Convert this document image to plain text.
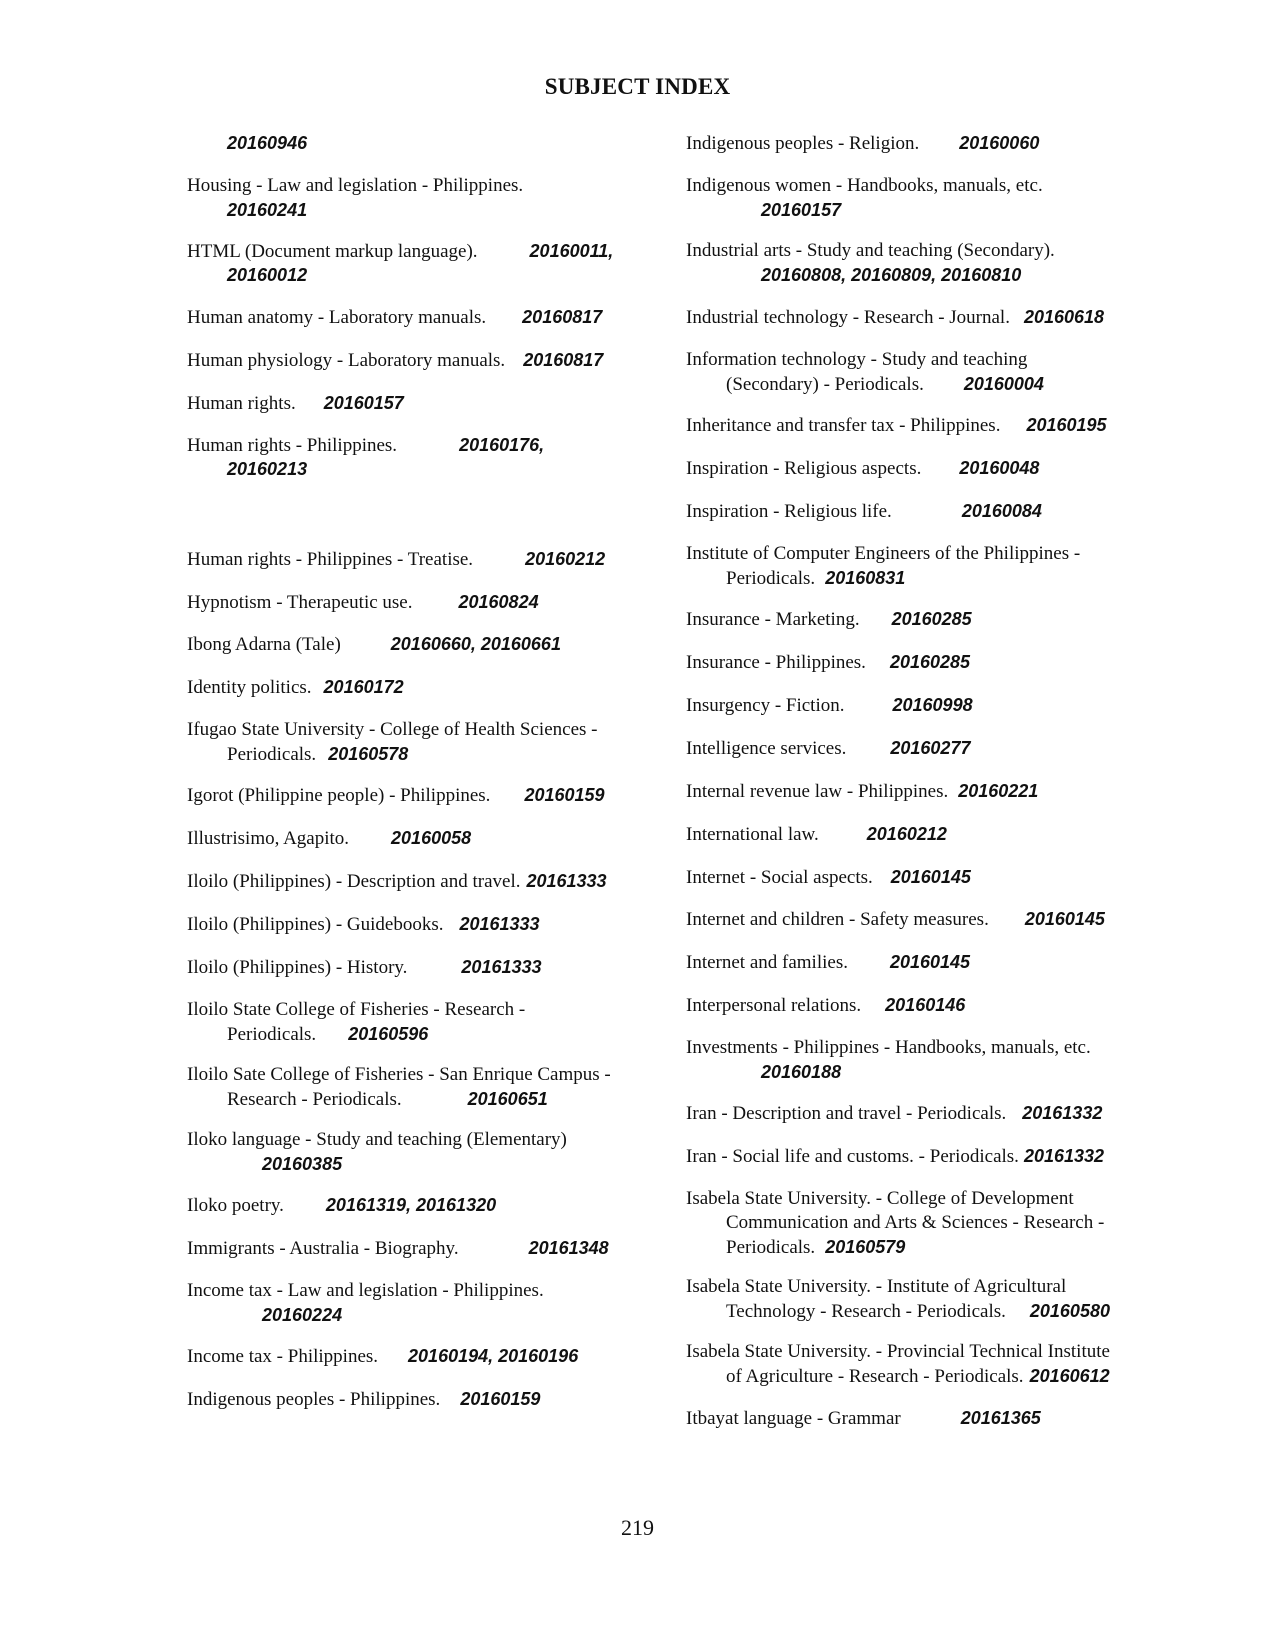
SUBJECT INDEX
20160946
Housing - Law and legislation - Philippines.
20160241
HTML (Document markup language).	20160011,
20160012
Human anatomy - Laboratory manuals. 20160817
Human physiology - Laboratory manuals. 20160817
Human rights. 20160157
Human rights - Philippines.	20160176,
20160213
Human rights - Philippines - Treatise.	20160212
Hypnotism - Therapeutic use.	20160824
Ibong Adarna (Tale)	20160660, 20160661
Identity politics. 20160172
Ifugao State University - College of Health Sciences -
Periodicals. 20160578
Igorot (Philippine people) - Philippines. 20160159
Illustrisimo, Agapito. 20160058
Iloilo (Philippines) - Description and travel. 20161333
Iloilo (Philippines) - Guidebooks. 20161333
Iloilo (Philippines) - History.	20161333
Iloilo State College of Fisheries - Research -
Periodicals. 20160596
Iloilo Sate College of Fisheries - San Enrique Campus -
Research - Periodicals.	20160651
Iloko language - Study and teaching (Elementary)
20160385
Iloko poetry. 20161319, 20161320
Immigrants - Australia - Biography.	20161348
Income tax - Law and legislation - Philippines.
20160224
Income tax - Philippines. 20160194, 20160196
Indigenous peoples - Philippines. 20160159
Indigenous peoples - Religion. 20160060
Indigenous women - Handbooks, manuals, etc.
20160157
Industrial arts - Study and teaching (Secondary).
20160808, 20160809, 20160810
Industrial technology - Research - Journal. 20160618
Information technology - Study and teaching
(Secondary) - Periodicals. 20160004
Inheritance and transfer tax - Philippines. 20160195
Inspiration - Religious aspects. 20160048
Inspiration - Religious life.	20160084
Institute of Computer Engineers of the Philippines -
Periodicals. 20160831
Insurance - Marketing. 20160285
Insurance - Philippines. 20160285
Insurgency - Fiction.	20160998
Intelligence services. 20160277
Internal revenue law - Philippines. 20160221
International law.	20160212
Internet - Social aspects. 20160145
Internet and children - Safety measures. 20160145
Internet and families. 20160145
Interpersonal relations. 20160146
Investments - Philippines - Handbooks, manuals, etc.
20160188
Iran - Description and travel - Periodicals. 20161332
Iran - Social life and customs. - Periodicals. 20161332
Isabela State University. - College of Development
Communication and Arts & Sciences - Research -
Periodicals. 20160579
Isabela State University. - Institute of Agricultural
Technology - Research - Periodicals. 20160580
Isabela State University. - Provincial Technical Institute
of Agriculture - Research - Periodicals. 20160612
Itbayat language - Grammar	20161365
219
